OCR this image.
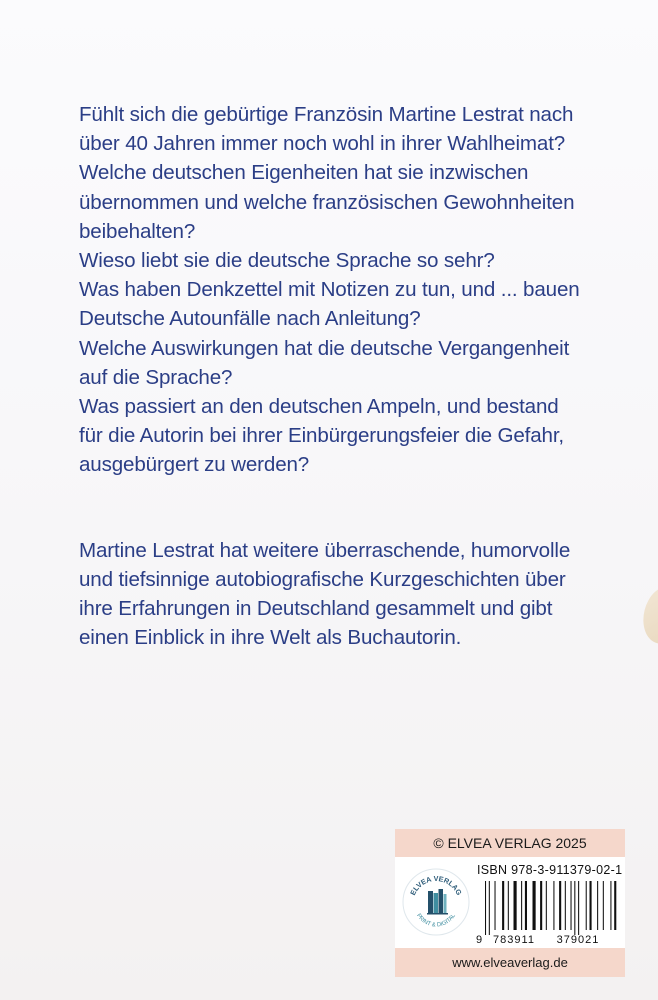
Fühlt sich die gebürtige Französin Martine Lestrat nach
über 40 Jahren immer noch wohl in ihrer Wahlheimat?
Welche deutschen Eigenheiten hat sie inzwischen
übernommen und welche französischen Gewohnheiten
beibehalten?
Wieso liebt sie die deutsche Sprache so sehr?
Was haben Denkzettel mit Notizen zu tun, und ... bauen
Deutsche Autounfälle nach Anleitung?
Welche Auswirkungen hat die deutsche Vergangenheit
auf die Sprache?
Was passiert an den deutschen Ampeln, und bestand
für die Autorin bei ihrer Einbürgerungsfeier die Gefahr,
ausgebürgert zu werden?

Martine Lestrat hat weitere überraschende, humorvolle
und tiefsinnige autobiografische Kurzgeschichten über
ihre Erfahrungen in Deutschland gesammelt und gibt
einen Einblick in ihre Welt als Buchautorin.

© ELVEA VERLAG 2025
ELVEA VERLAG
PRINT & DIGITAL
ISBN 978-3-911379-02-1
9 783911 379021
www.elveaverlag.de
